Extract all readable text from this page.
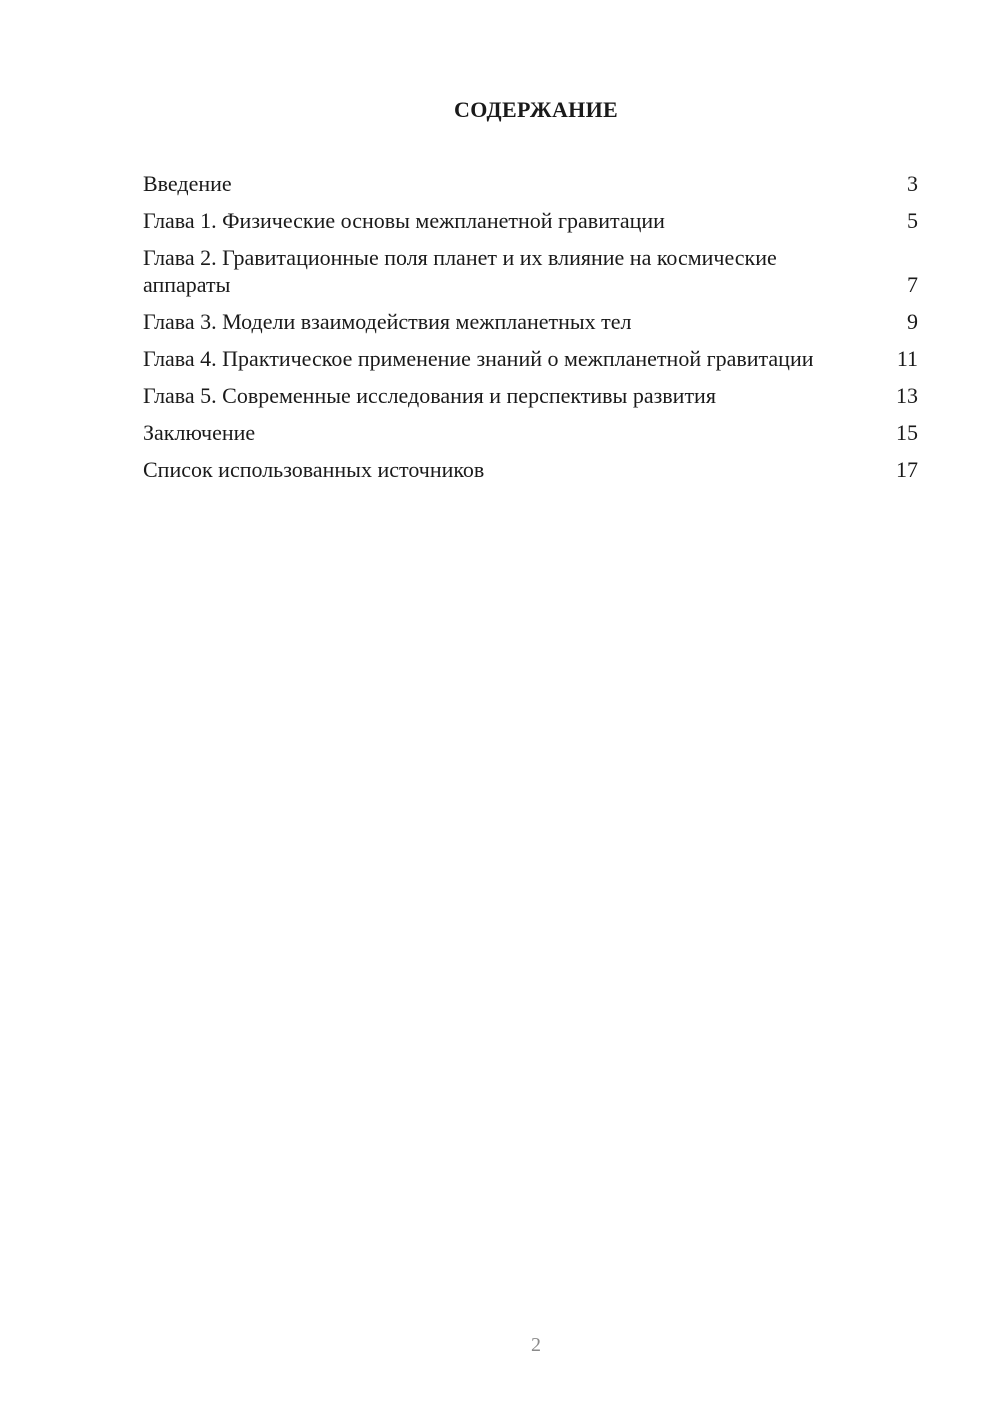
СОДЕРЖАНИЕ
Введение	3
Глава 1. Физические основы межпланетной гравитации	5
Глава 2. Гравитационные поля планет и их влияние на космические аппараты	7
Глава 3. Модели взаимодействия межпланетных тел	9
Глава 4. Практическое применение знаний о межпланетной гравитации	11
Глава 5. Современные исследования и перспективы развития	13
Заключение	15
Список использованных источников	17
2
